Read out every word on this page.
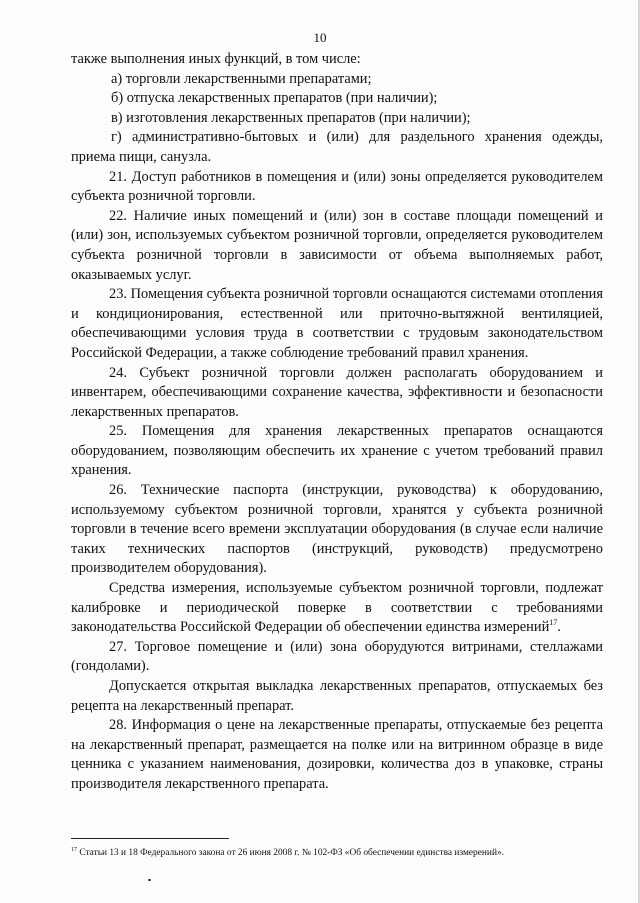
10

также выполнения иных функций, в том числе:

а) торговли лекарственными препаратами;

б) отпуска лекарственных препаратов (при наличии);

в) изготовления лекарственных препаратов (при наличии);

г) административно-бытовых и (или) для раздельного хранения одежды, приема пищи, санузла.

21. Доступ работников в помещения и (или) зоны определяется руководителем субъекта розничной торговли.

22. Наличие иных помещений и (или) зон в составе площади помещений и (или) зон, используемых субъектом розничной торговли, определяется руководителем субъекта розничной торговли в зависимости от объема выполняемых работ, оказываемых услуг.

23. Помещения субъекта розничной торговли оснащаются системами отопления и кондиционирования, естественной или приточно-вытяжной вентиляцией, обеспечивающими условия труда в соответствии с трудовым законодательством Российской Федерации, а также соблюдение требований правил хранения.

24. Субъект розничной торговли должен располагать оборудованием и инвентарем, обеспечивающими сохранение качества, эффективности и безопасности лекарственных препаратов.

25. Помещения для хранения лекарственных препаратов оснащаются оборудованием, позволяющим обеспечить их хранение с учетом требований правил хранения.

26. Технические паспорта (инструкции, руководства) к оборудованию, используемому субъектом розничной торговли, хранятся у субъекта розничной торговли в течение всего времени эксплуатации оборудования (в случае если наличие таких технических паспортов (инструкций, руководств) предусмотрено производителем оборудования).

Средства измерения, используемые субъектом розничной торговли, подлежат калибровке и периодической поверке в соответствии с требованиями законодательства Российской Федерации об обеспечении единства измерений$^{17}$.

27. Торговое помещение и (или) зона оборудуются витринами, стеллажами (гондолами).

Допускается открытая выкладка лекарственных препаратов, отпускаемых без рецепта на лекарственный препарат.

28. Информация о цене на лекарственные препараты, отпускаемые без рецепта на лекарственный препарат, размещается на полке или на витринном образце в виде ценника с указанием наименования, дозировки, количества доз в упаковке, страны производителя лекарственного препарата.

$^{17}$ Статьи 13 и 18 Федерального закона от 26 июня 2008 г. № 102-ФЗ «Об обеспечении единства измерений».
